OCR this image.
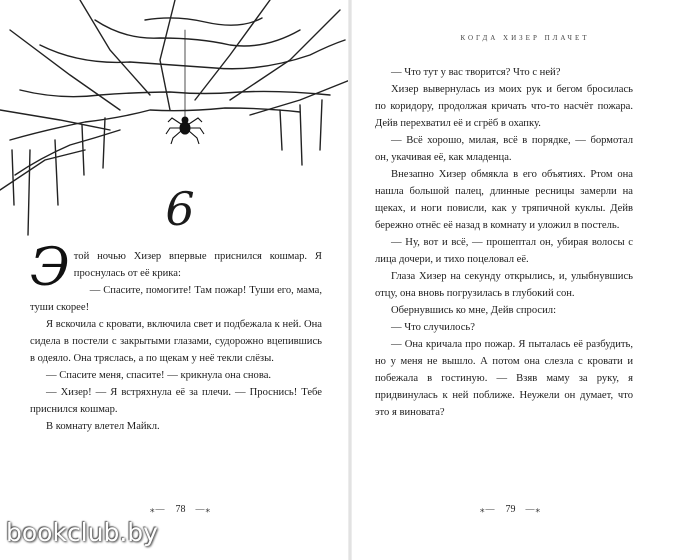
6

Этой ночью Хизер впервые приснился кошмар. Я проснулась от её крика:

— Спасите, помогите! Там пожар! Туши его, мама, туши скорее!

Я вскочила с кровати, включила свет и подбежала к ней. Она сидела в постели с закрытыми глазами, судорожно вцепившись в одеяло. Она тряслась, а по щекам у неё текли слёзы.

— Спасите меня, спасите! — крикнула она снова.

— Хизер! — Я встряхнула её за плечи. — Проснись! Тебе приснился кошмар.

В комнату влетел Майкл.

⁎— 78 —⁎
КОГДА ХИЗЕР ПЛАЧЕТ

— Что тут у вас творится? Что с ней?

Хизер вывернулась из моих рук и бегом бросилась по коридору, продолжая кричать что-то насчёт пожара. Дейв перехватил её и сгрёб в охапку.

— Всё хорошо, милая, всё в порядке, — бормотал он, укачивая её, как младенца.

Внезапно Хизер обмякла в его объятиях. Ртом она нашла большой палец, длинные ресницы замерли на щеках, и ноги повисли, как у тряпичной куклы. Дейв бережно отнёс её назад в комнату и уложил в постель.

— Ну, вот и всё, — прошептал он, убирая волосы с лица дочери, и тихо поцеловал её.

Глаза Хизер на секунду открылись, и, улыбнувшись отцу, она вновь погрузилась в глубокий сон.

Обернувшись ко мне, Дейв спросил:

— Что случилось?

— Она кричала про пожар. Я пыталась её разбудить, но у меня не вышло. А потом она слезла с кровати и побежала в гостиную. — Взяв маму за руку, я придвинулась к ней поближе. Неужели он думает, что это я виновата?

⁎— 79 —⁎
bookclub.by
